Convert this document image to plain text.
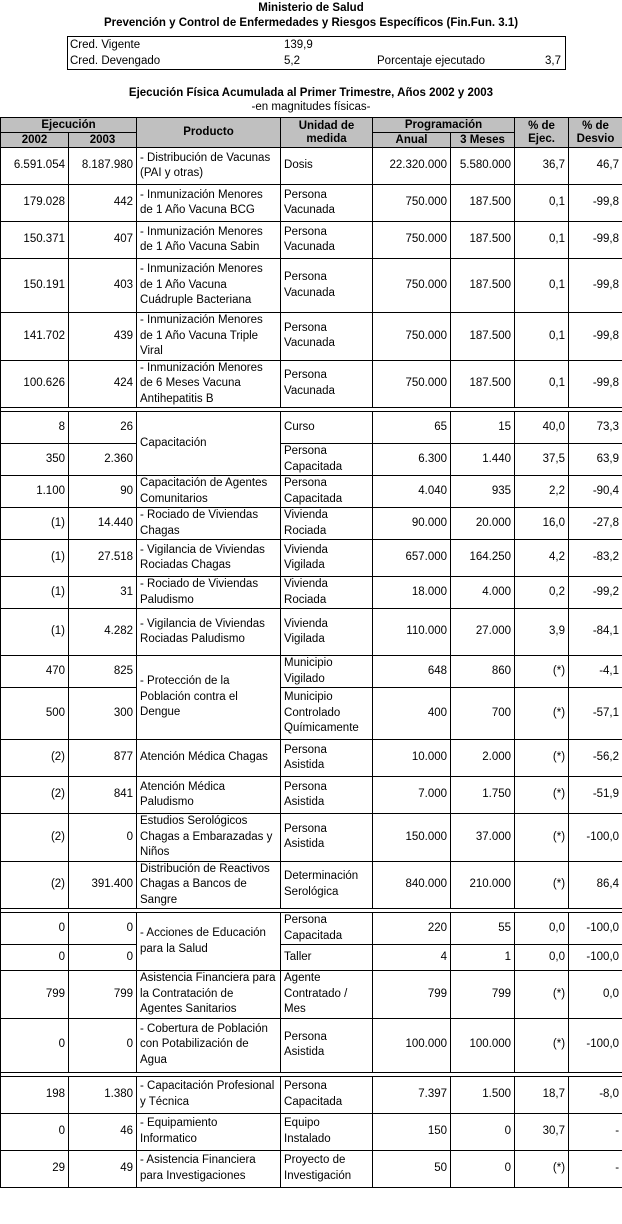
Ministerio de Salud
Prevención y Control de Enfermedades y Riesgos Específicos (Fin.Fun. 3.1)
Cred. Vigente	139,9
Cred. Devengado	5,2	Porcentaje ejecutado	3,7
Ejecución Física Acumulada al Primer Trimestre, Años 2002 y 2003
-en magnitudes físicas-
Ejecución		Producto	Unidad de medida	Programación		% de Ejec.	% de Desvio
2002	2003			Anual	3 Meses		
6.591.054	8.187.980	- Distribución de Vacunas (PAI y otras)	Dosis	22.320.000	5.580.000	36,7	46,7
179.028	442	- Inmunización Menores de 1 Año Vacuna BCG	Persona Vacunada	750.000	187.500	0,1	-99,8
150.371	407	- Inmunización Menores de 1 Año Vacuna Sabin	Persona Vacunada	750.000	187.500	0,1	-99,8
150.191	403	- Inmunización Menores de 1 Año Vacuna Cuádruple Bacteriana	Persona Vacunada	750.000	187.500	0,1	-99,8
141.702	439	- Inmunización Menores de 1 Año Vacuna Triple Viral	Persona Vacunada	750.000	187.500	0,1	-99,8
100.626	424	- Inmunización Menores de 6 Meses Vacuna Antihepatitis B	Persona Vacunada	750.000	187.500	0,1	-99,8

8	26	Capacitación	Curso	65	15	40,0	73,3
350	2.360		Persona Capacitada	6.300	1.440	37,5	63,9
1.100	90	Capacitación de Agentes Comunitarios	Persona Capacitada	4.040	935	2,2	-90,4
(1)	14.440	- Rociado de Viviendas Chagas	Vivienda Rociada	90.000	20.000	16,0	-27,8
(1)	27.518	- Vigilancia de Viviendas Rociadas Chagas	Vivienda Vigilada	657.000	164.250	4,2	-83,2
(1)	31	- Rociado de Viviendas Paludismo	Vivienda Rociada	18.000	4.000	0,2	-99,2
(1)	4.282	- Vigilancia de Viviendas Rociadas Paludismo	Vivienda Vigilada	110.000	27.000	3,9	-84,1
470	825	- Protección de la Población contra el Dengue	Municipio Vigilado	648	860	(*)	-4,1
500	300		Municipio Controlado Químicamente	400	700	(*)	-57,1
(2)	877	Atención Médica Chagas	Persona Asistida	10.000	2.000	(*)	-56,2
(2)	841	Atención Médica Paludismo	Persona Asistida	7.000	1.750	(*)	-51,9
(2)	0	Estudios Serológicos Chagas a Embarazadas y Niños	Persona Asistida	150.000	37.000	(*)	-100,0
(2)	391.400	Distribución de Reactivos Chagas a Bancos de Sangre	Determinación Serológica	840.000	210.000	(*)	86,4

0	0	- Acciones de Educación para la Salud	Persona Capacitada	220	55	0,0	-100,0
0	0		Taller	4	1	0,0	-100,0
799	799	Asistencia Financiera para la Contratación de Agentes Sanitarios	Agente Contratado / Mes	799	799	(*)	0,0
0	0	- Cobertura de Población con Potabilización de Agua	Persona Asistida	100.000	100.000	(*)	-100,0

198	1.380	- Capacitación Profesional y Técnica	Persona Capacitada	7.397	1.500	18,7	-8,0
0	46	- Equipamiento Informatico	Equipo Instalado	150	0	30,7	-
29	49	- Asistencia Financiera para Investigaciones	Proyecto de Investigación	50	0	(*)	-
